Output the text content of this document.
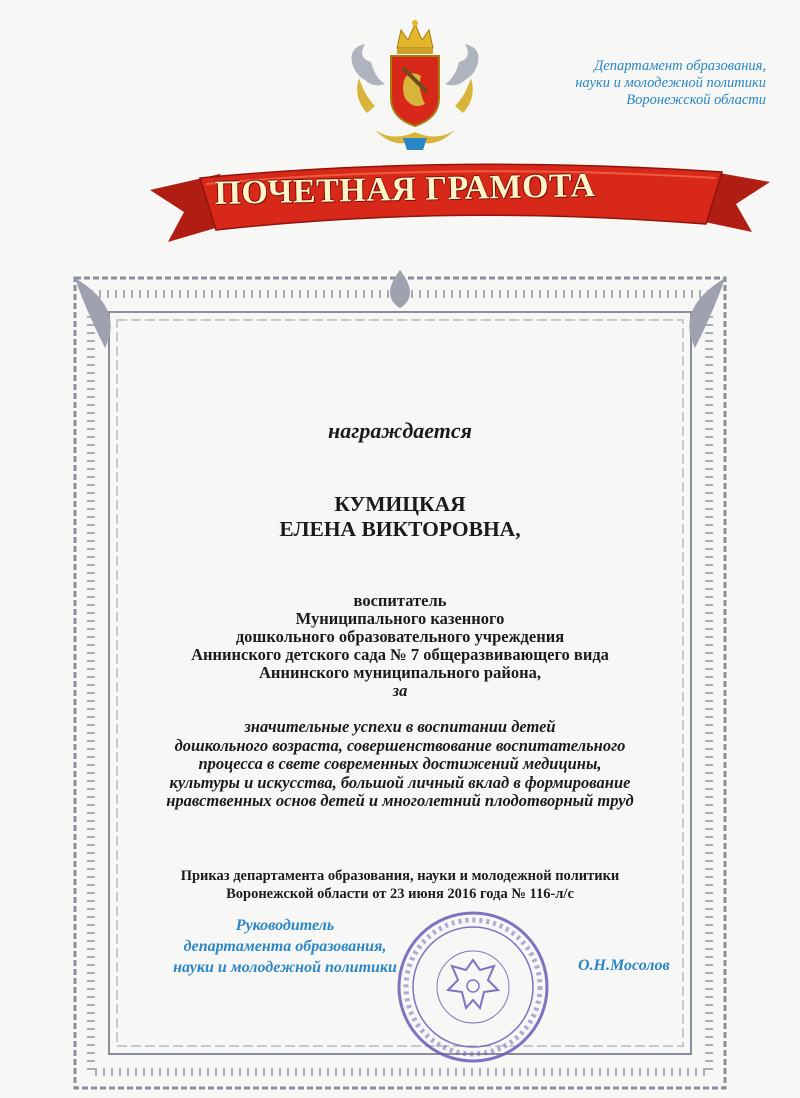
Департамент образования,
науки и молодежной политики
Воронежской области
ПОЧЕТНАЯ ГРАМОТА
награждается
КУМИЦКАЯ
ЕЛЕНА ВИКТОРОВНА,
воспитатель
Муниципального казенного
дошкольного образовательного учреждения
Аннинского детского сада № 7 общеразвивающего вида
Аннинского муниципального района,
за
значительные успехи в воспитании детей
дошкольного возраста, совершенствование воспитательного
процесса в свете современных достижений медицины,
культуры и искусства, большой личный вклад в формирование
нравственных основ детей и многолетний плодотворный труд
Приказ департамента образования, науки и молодежной политики
Воронежской области от 23 июня 2016 года № 116-л/с
Руководитель
департамента образования,
науки и молодежной политики	О.Н.Мосолов
